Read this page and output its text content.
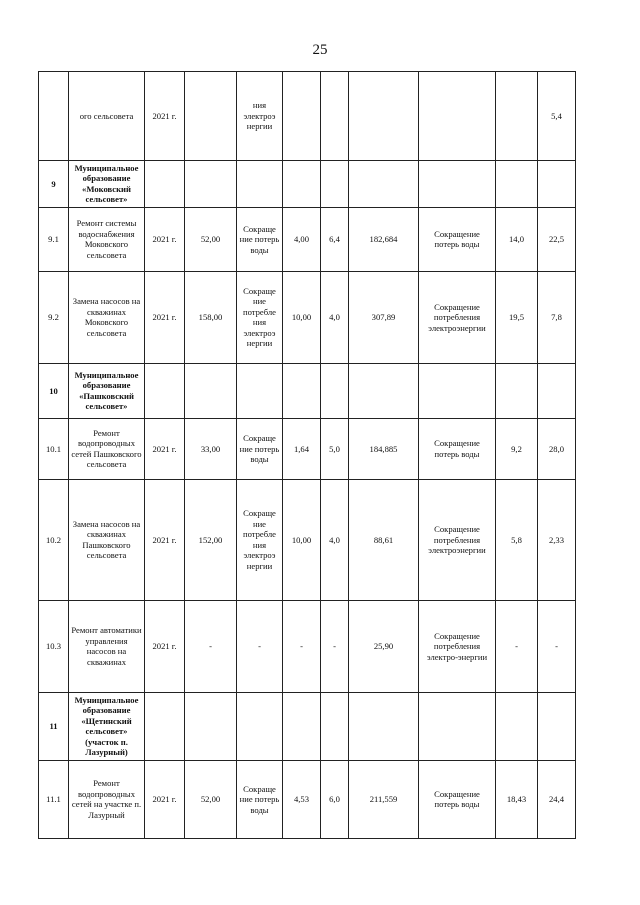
25
	ого сельсовета	2021 г.		ния электроэ нергии						5,4
9	Муниципальное образование «Моковский сельсовет»									
9.1	Ремонт системы водоснабжения Моковского сельсовета	2021 г.	52,00	Сокраще ние потерь воды	4,00	6,4	182,684	Сокращение потерь воды	14,0	22,5
9.2	Замена насосов на скважинах Моковского сельсовета	2021 г.	158,00	Сокраще ние потребле ния электроэ нергии	10,00	4,0	307,89	Сокращение потребления электроэнергии	19,5	7,8
10	Муниципальное образование «Пашковский сельсовет»									
10.1	Ремонт водопроводных сетей Пашковского сельсовета	2021 г.	33,00	Сокраще ние потерь воды	1,64	5,0	184,885	Сокращение потерь воды	9,2	28,0
10.2	Замена насосов на скважинах Пашковского сельсовета	2021 г.	152,00	Сокраще ние потребле ния электроэ нергии	10,00	4,0	88,61	Сокращение потребления электроэнергии	5,8	2,33
10.3	Ремонт автоматики управления насосов на скважинах	2021 г.	-	-	-	-	25,90	Сокращение потребления электро-энергии	-	-
11	Муниципальное образование «Щетинский сельсовет» (участок п. Лазурный)									
11.1	Ремонт водопроводных сетей на участке п. Лазурный	2021 г.	52,00	Сокраще ние потерь воды	4,53	6,0	211,559	Сокращение потерь воды	18,43	24,4
